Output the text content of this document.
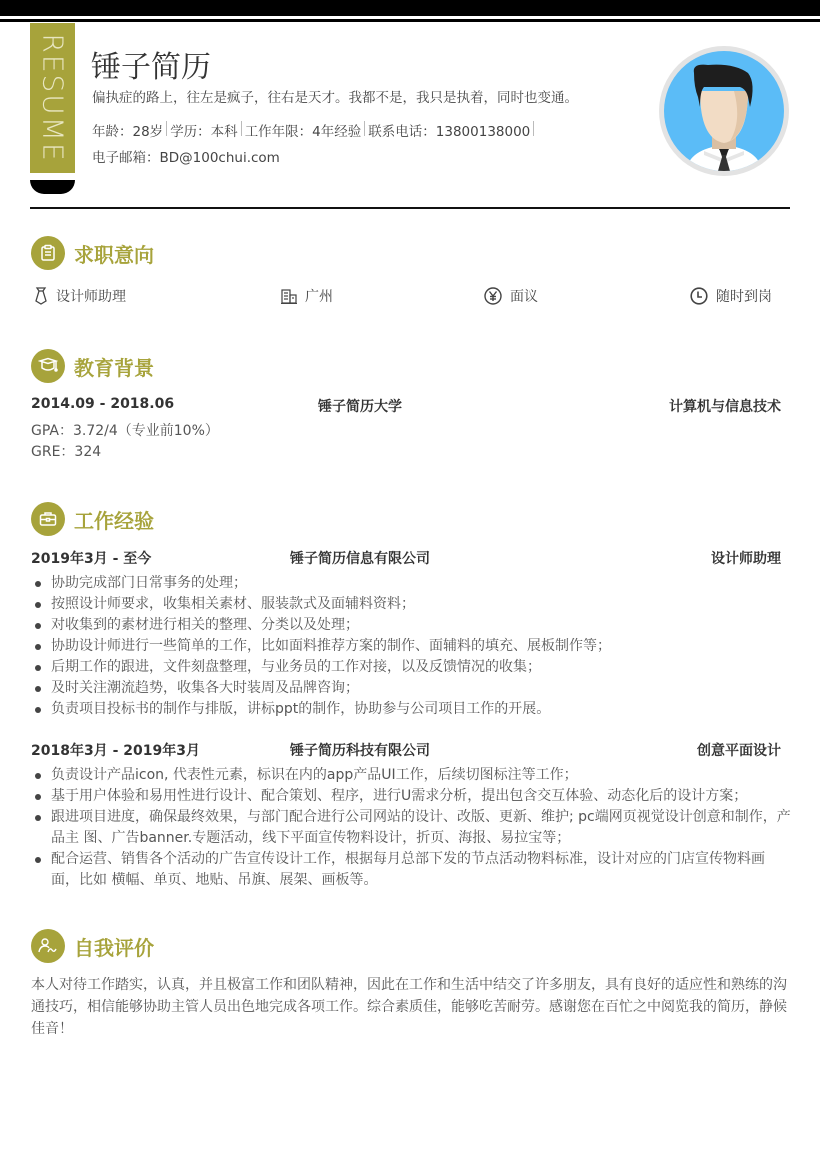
RESUME 锤子简历
偏执症的路上，往左是疯子，往右是天才。我都不是，我只是执着，同时也变通。
年龄：28岁 学历：本科 工作年限：4年经验 联系电话：13800138000
电子邮箱：BD@100chui.com
求职意向
设计师助理	广州	面议	随时到岗
教育背景
2014.09 - 2018.06	锤子简历大学	计算机与信息技术
GPA：3.72/4（专业前10%）
GRE：324
工作经验
2019年3月 - 至今	锤子简历信息有限公司	设计师助理
协助完成部门日常事务的处理；
按照设计师要求，收集相关素材、服装款式及面辅料资料；
对收集到的素材进行相关的整理、分类以及处理；
协助设计师进行一些简单的工作，比如面料推荐方案的制作、面辅料的填充、展板制作等；
后期工作的跟进，文件刻盘整理，与业务员的工作对接，以及反馈情况的收集；
及时关注潮流趋势，收集各大时装周及品牌咨询；
负责项目投标书的制作与排版，讲标ppt的制作，协助参与公司项目工作的开展。
2018年3月 - 2019年3月	锤子简历科技有限公司	创意平面设计
负责设计产品icon, 代表性元素，标识在内的app产品UI工作，后续切图标注等工作；
基于用户体验和易用性进行设计、配合策划、程序，进行U需求分析，提出包含交互体验、动态化后的设计方案；
跟进项目进度，确保最终效果，与部门配合进行公司网站的设计、改版、更新、维护; pc端网页视觉设计创意和制作，产品主 图、广告banner.专题活动，线下平面宣传物料设计，折页、海报、易拉宝等；
配合运营、销售各个活动的广告宣传设计工作，根据每月总部下发的节点活动物料标准，设计对应的门店宣传物料画面，比如 横幅、单页、地贴、吊旗、展架、画板等。
自我评价
本人对待工作踏实，认真，并且极富工作和团队精神，因此在工作和生活中结交了许多朋友，具有良好的适应性和熟练的沟通技巧，相信能够协助主管人员出色地完成各项工作。综合素质佳，能够吃苦耐劳。感谢您在百忙之中阅览我的简历，静候佳音！
